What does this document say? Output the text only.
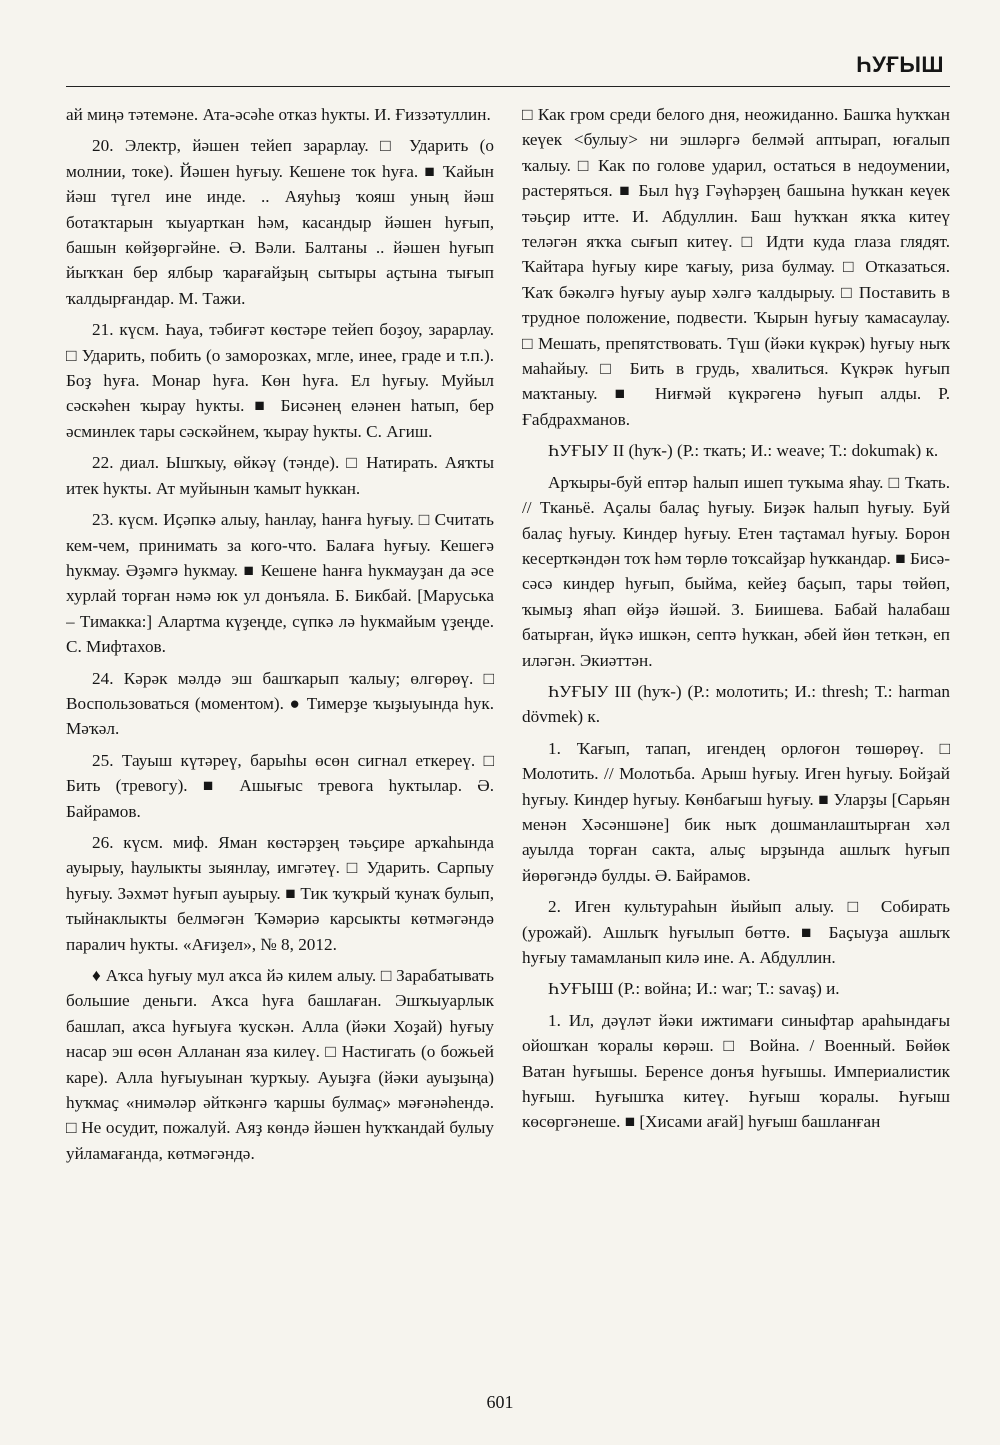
ҺУҒЫШ

ай миңә тәтемәне. Ата-әсәһе отказ һукты. И. Ғиззәтуллин.

20. Электр, йәшен тейеп зарарлау. □ Ударить (о молнии, токе). Йәшен һуғыу. Кешене ток һуға. ■ Ҡайын йәш түгел ине инде. .. Аяуһыҙ ҡояш уның йәш ботаҡтарын ҡыуарткан һәм, касандыр йәшен һуғып, башын көйҙөргәйне. Ә. Вәли. Балтаны .. йәшен һуғып йыҡҡан бер ялбыр ҡарағайҙың сытыры аҫтына тығып ҡалдырғандар. М. Тажи.

21. күсм. Һауа, тәбиғәт көстәре тейеп боҙоу, зарарлау. □ Ударить, побить (о заморозках, мгле, инее, граде и т.п.). Боҙ һуға. Монар һуға. Көн һуға. Ел һуғыу. Муйыл сәскәһен ҡырау һукты. ■ Бисәнең еләнен һатып, бер әсминлек тары сәскәйнем, ҡырау һукты. С. Агиш.

22. диал. Ышҡыу, өйкәү (тәнде). □ Натирать. Аяҡты итек һукты. Ат муйынын ҡамыт һуккан.

23. күсм. Иҫәпкә алыу, һанлау, һанға һуғыу. □ Считать кем-чем, принимать за кого-что. Балаға һуғыу. Кешегә һукмау. Әҙәмгә һукмау. ■ Кешене һанға һукмауҙан да әсе хурлай торған нәмә юк ул донъяла. Б. Бикбай. [Маруська – Тимакка:] Алартма күҙеңде, сүпкә лә һукмайым үҙеңде. С. Мифтахов.

24. Кәрәк мәлдә эш башҡарып ҡалыу; өлгөрөү. □ Воспользоваться (моментом). ● Тимерҙе ҡыҙыуында һук. Мәҡәл.

25. Тауыш күтәреү, барыһы өсөн сигнал еткереү. □ Бить (тревогу). ■ Ашығыс тревога һуктылар. Ә. Байрамов.

26. күсм. миф. Яман көстәрҙең тәьҫире арҡаһында ауырыу, һаулыкты зыянлау, имгәтеү. □ Ударить. Сарпыу һуғыу. Зәхмәт һуғып ауырыу. ■ Тик ҡуҡрый ҡунаҡ булып, тыйнаклыкты белмәгән Ҡәмәриә карсыкты көтмәгәндә паралич һукты. «Ағиҙел», № 8, 2012.

♦ Аҡса һуғыу мул аҡса йә килем алыу. □ Зарабатывать большие деньги. Аҡса һуға башлаған. Эшҡыуарлык башлап, аҡса һуғыуға ҡускән. Алла (йәки Хоҙай) һуғыу насар эш өсөн Алланан яза килеү. □ Настигать (о божьей каре). Алла һуғыуынан ҡурҡыу. Ауыҙға (йәки ауыҙыңа) һуҡмаҫ «нимәләр әйткәнгә ҡаршы булмаҫ» мәғәнәһендә. □ Не осудит, пожалуй. Аяҙ көндә йәшен һуҡҡандай булыу уйламағанда, көтмәгәндә.

□ Как гром среди белого дня, неожиданно. Башҡа һуҡҡан кеүек <булыу> ни эшләргә белмәй аптырап, юғалып ҡалыу. □ Как по голове ударил, остаться в недоумении, растеряться. ■ Был һүҙ Гәүһәрҙең башына һуҡкан кеүек тәьҫир итте. И. Абдуллин. Баш һуҡҡан яҡҡа китеү теләгән яҡҡа сығып китеү. □ Идти куда глаза глядят. Ҡайтара һуғыу кире ҡағыу, риза булмау. □ Отказаться. Ҡаҡ бәкәлгә һуғыу ауыр хәлгә ҡалдырыу. □ Поставить в трудное положение, подвести. Ҡырын һуғыу ҡамасаулау. □ Мешать, препятствовать. Түш (йәки күкрәк) һуғыу ныҡ маһайыу. □ Бить в грудь, хвалиться. Күкрәк һуғып маҡтаныу. ■ Ниғмәй күкрәгенә һуғып алды. Р. Ғабдрахманов.

ҺУҒЫУ II (һуҡ-) (Р.: ткать; И.: weave; Т.: dokumak) к.

Арҡыры-буй ептәр һалып ишеп туҡыма яһау. □ Ткать. // Тканьё. Аҫалы балаҫ һуғыу. Биҙәк һалып һуғыу. Буй балаҫ һуғыу. Киндер һуғыу. Етен таҫтамал һуғыу. Борон кесерткәндән тоҡ һәм төрлө тоҡсайҙар һуҡкандар. ■ Бисә-сәсә киндер һуғып, быйма, кейеҙ баҫып, тары төйөп, ҡымыҙ яһап өйҙә йәшәй. З. Биишева. Бабай һалабаш батырған, йүкә ишкән, септә һуҡкан, әбей йөн теткән, еп иләгән. Экиәттән.

ҺУҒЫУ III (һуҡ-) (Р.: молотить; И.: thresh; Т.: harman dövmek) к.

1. Ҡағып, тапап, игендең орлоғон төшөрөү. □ Молотить. // Молотьба. Арыш һуғыу. Иген һуғыу. Бойҙай һуғыу. Киндер һуғыу. Көнбағыш һуғыу. ■ Уларҙы [Сарьян менән Хәсәншәне] бик ныҡ дошманлаштырған хәл ауылда торған сакта, алыҫ ырҙында ашлыҡ һуғып йөрөгәндә булды. Ә. Байрамов.

2. Иген культураһын йыйып алыу. □ Собирать (урожай). Ашлыҡ һуғылып бөттө. ■ Баҫыуҙа ашлыҡ һуғыу тамамланып килә ине. А. Абдуллин.

ҺУҒЫШ (Р.: война; И.: war; Т.: savaş) и.

1. Ил, дәүләт йәки ижтимағи синыфтар араһындағы ойошҡан ҡоралы көрәш. □ Война. / Военный. Бөйөк Ватан һуғышы. Беренсе донъя һуғышы. Империалистик һуғыш. Һуғышҡа китеү. Һуғыш ҡоралы. Һуғыш көсөргәнеше. ■ [Хисами ағай] һуғыш башланған

601
